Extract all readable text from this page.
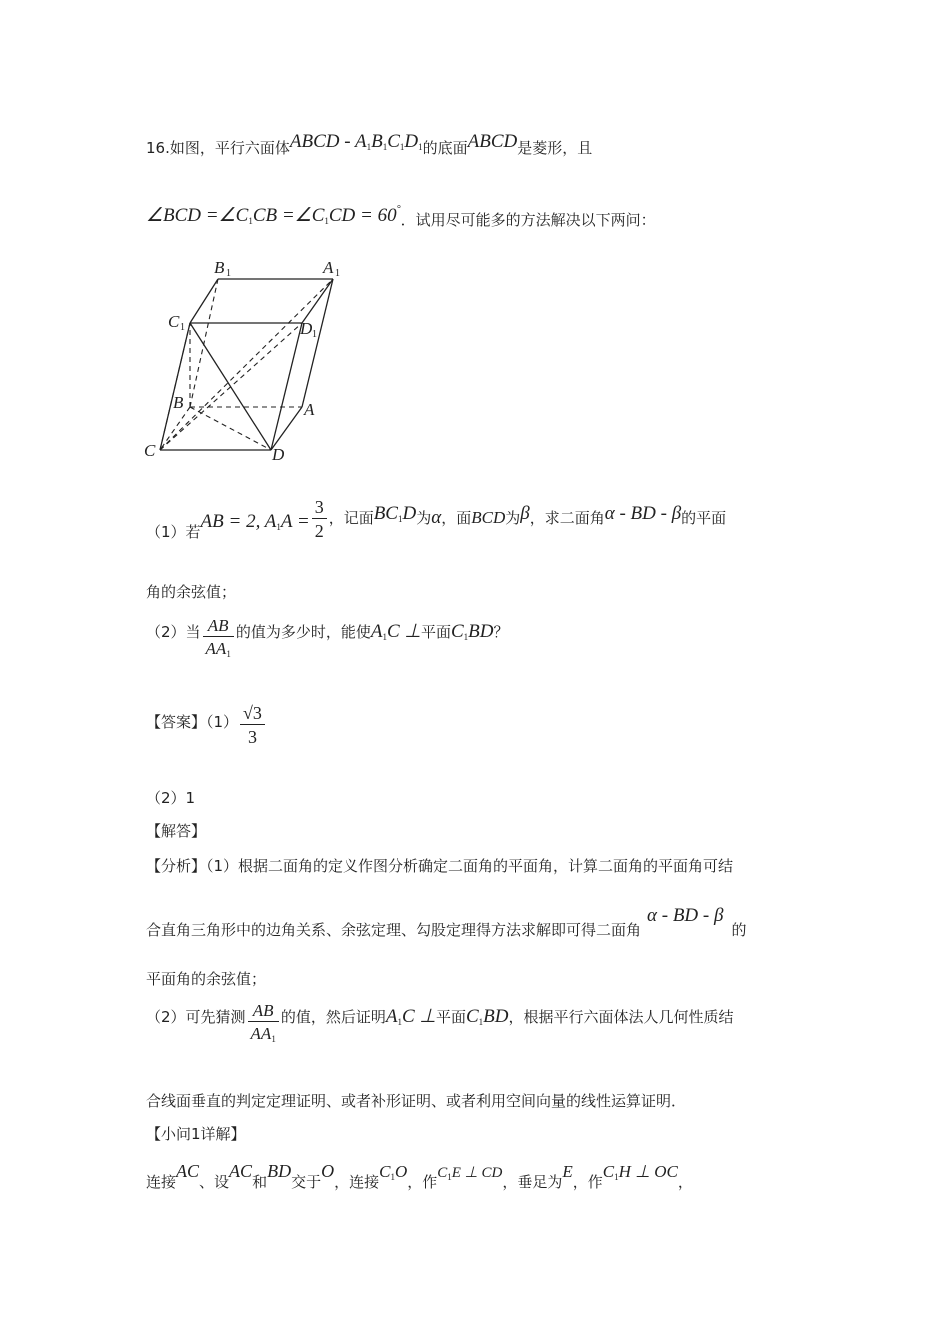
16.如图，平行六面体ABCD - A1B1C1D1的底面ABCD是菱形，且
∠BCD =∠C1CB =∠C1CD = 60°．试用尽可能多的方法解决以下两问：
B 1	A 1
C 1	D 1
B	A
C	D
（1）若AB = 2, $A1A = \frac{3}{2}$ ，记面BC1D为α，面BCD为β，求二面角α - BD - β的平面
角的余弦值；
（2）当 $\frac{AB}{AA1}$ 的值为多少时，能使A1C ⊥平面C1BD？
【答案】$(1) \frac{√3}{3}$
（2）1
【解答】
【分析】（1）根据二面角的定义作图分析确定二面角的平面角，计算二面角的平面角可结
合直角三角形中的边角关系、余弦定理、勾股定理得方法求解即可得二面角α - BD - β的
平面角的余弦值；
（2）可先猜测 $\frac{AB}{AA1}$ 的值，然后证明A1C ⊥平面C1BD，根据平行六面体法人几何性质结
合线面垂直的判定定理证明、或者补形证明、或者利用空间向量的线性运算证明．
【小问1详解】
连接AC、设AC和BD交于O，连接C1O，作$C_1E$ ⊥ CD，垂足为E，作C1H ⊥ OC，
